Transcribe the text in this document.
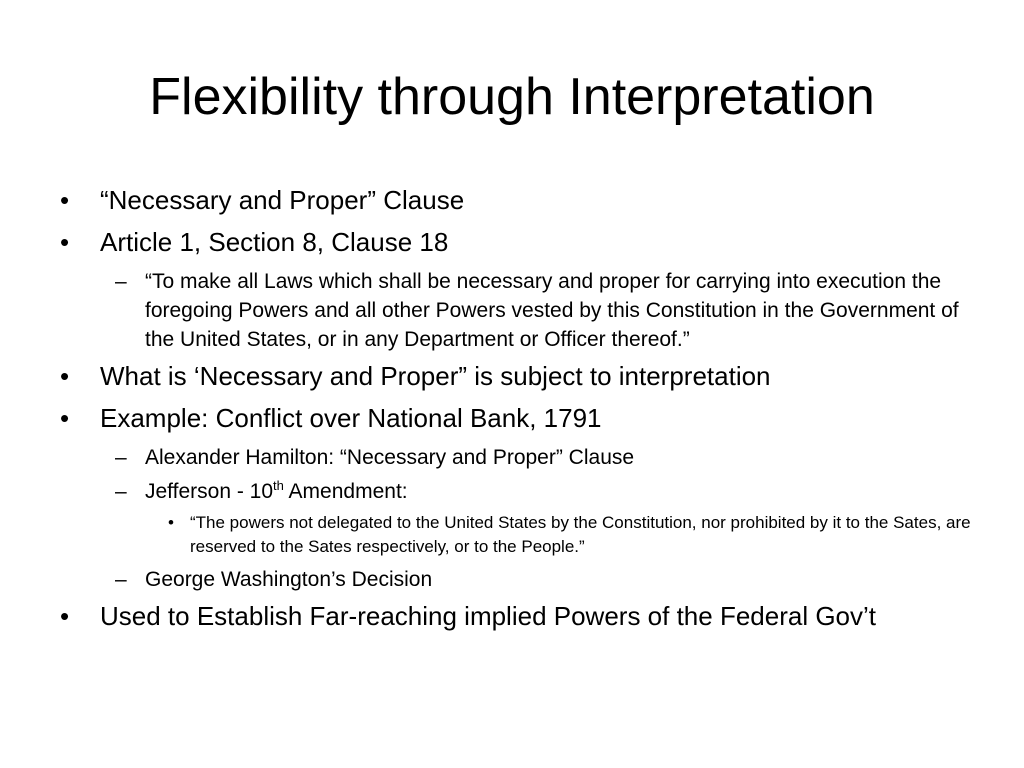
Flexibility through Interpretation
•	“Necessary and Proper” Clause
•	Article 1, Section 8, Clause 18
– “To make all Laws which shall be necessary and proper for carrying into execution the foregoing Powers and all other Powers vested by this Constitution in the Government of the United States, or in any Department or Officer thereof.”
•	What is ‘Necessary and Proper” is subject to interpretation
•	Example: Conflict over National Bank, 1791
– Alexander Hamilton: “Necessary and Proper” Clause
– Jefferson - 10th Amendment:
• “The powers not delegated to the United States by the Constitution, nor prohibited by it to the Sates, are reserved to the Sates respectively, or to the People.”
– George Washington’s Decision
•	Used to Establish Far-reaching implied Powers of the Federal Gov’t
